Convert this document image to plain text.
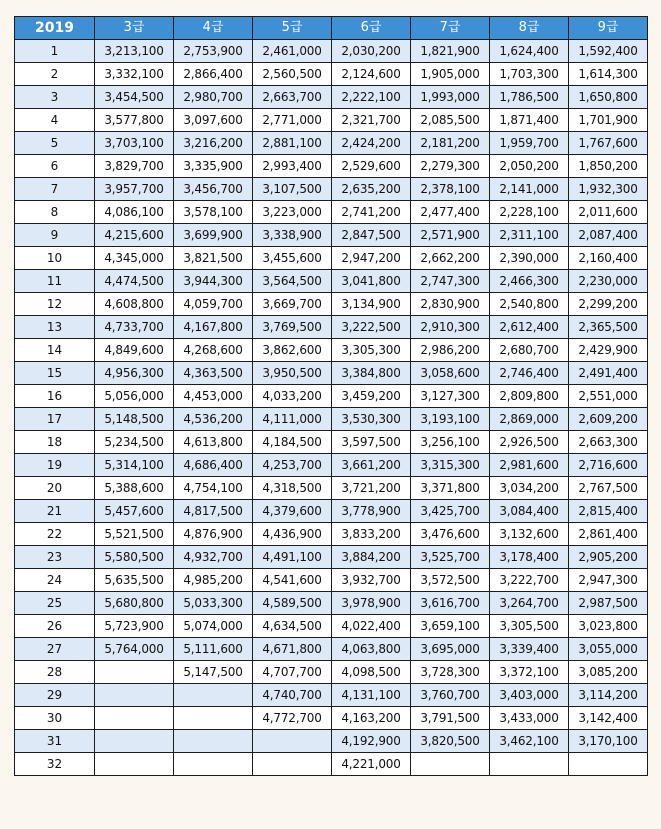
2019	3급	4급	5급	6급	7급	8급	9급
1	3,213,100	2,753,900	2,461,000	2,030,200	1,821,900	1,624,400	1,592,400
2	3,332,100	2,866,400	2,560,500	2,124,600	1,905,000	1,703,300	1,614,300
3	3,454,500	2,980,700	2,663,700	2,222,100	1,993,000	1,786,500	1,650,800
4	3,577,800	3,097,600	2,771,000	2,321,700	2,085,500	1,871,400	1,701,900
5	3,703,100	3,216,200	2,881,100	2,424,200	2,181,200	1,959,700	1,767,600
6	3,829,700	3,335,900	2,993,400	2,529,600	2,279,300	2,050,200	1,850,200
7	3,957,700	3,456,700	3,107,500	2,635,200	2,378,100	2,141,000	1,932,300
8	4,086,100	3,578,100	3,223,000	2,741,200	2,477,400	2,228,100	2,011,600
9	4,215,600	3,699,900	3,338,900	2,847,500	2,571,900	2,311,100	2,087,400
10	4,345,000	3,821,500	3,455,600	2,947,200	2,662,200	2,390,000	2,160,400
11	4,474,500	3,944,300	3,564,500	3,041,800	2,747,300	2,466,300	2,230,000
12	4,608,800	4,059,700	3,669,700	3,134,900	2,830,900	2,540,800	2,299,200
13	4,733,700	4,167,800	3,769,500	3,222,500	2,910,300	2,612,400	2,365,500
14	4,849,600	4,268,600	3,862,600	3,305,300	2,986,200	2,680,700	2,429,900
15	4,956,300	4,363,500	3,950,500	3,384,800	3,058,600	2,746,400	2,491,400
16	5,056,000	4,453,000	4,033,200	3,459,200	3,127,300	2,809,800	2,551,000
17	5,148,500	4,536,200	4,111,000	3,530,300	3,193,100	2,869,000	2,609,200
18	5,234,500	4,613,800	4,184,500	3,597,500	3,256,100	2,926,500	2,663,300
19	5,314,100	4,686,400	4,253,700	3,661,200	3,315,300	2,981,600	2,716,600
20	5,388,600	4,754,100	4,318,500	3,721,200	3,371,800	3,034,200	2,767,500
21	5,457,600	4,817,500	4,379,600	3,778,900	3,425,700	3,084,400	2,815,400
22	5,521,500	4,876,900	4,436,900	3,833,200	3,476,600	3,132,600	2,861,400
23	5,580,500	4,932,700	4,491,100	3,884,200	3,525,700	3,178,400	2,905,200
24	5,635,500	4,985,200	4,541,600	3,932,700	3,572,500	3,222,700	2,947,300
25	5,680,800	5,033,300	4,589,500	3,978,900	3,616,700	3,264,700	2,987,500
26	5,723,900	5,074,000	4,634,500	4,022,400	3,659,100	3,305,500	3,023,800
27	5,764,000	5,111,600	4,671,800	4,063,800	3,695,000	3,339,400	3,055,000
28		5,147,500	4,707,700	4,098,500	3,728,300	3,372,100	3,085,200
29			4,740,700	4,131,100	3,760,700	3,403,000	3,114,200
30			4,772,700	4,163,200	3,791,500	3,433,000	3,142,400
31				4,192,900	3,820,500	3,462,100	3,170,100
32				4,221,000			
